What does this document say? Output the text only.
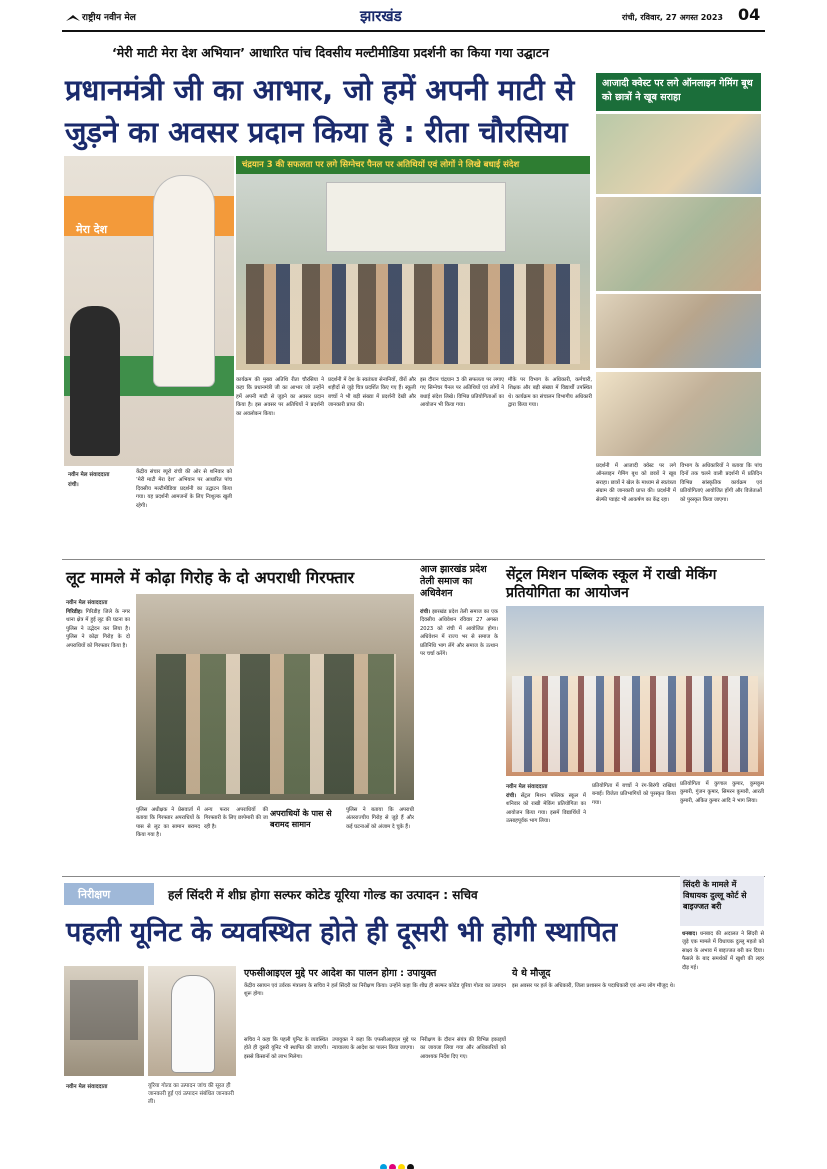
राष्ट्रीय नवीन मेल	झारखंड	रांची, रविवार, 27 अगस्त 2023 04
‘मेरी माटी मेरा देश अभियान’ आधारित पांच दिवसीय मल्टीमीडिया प्रदर्शनी का किया गया उद्घाटन
प्रधानमंत्री जी का आभार, जो हमें अपनी माटी से
जुड़ने का अवसर प्रदान किया है : रीता चौरसिया
मेरा देश
नवीन मेल संवाददाता
रांची।
चंद्रयान 3 की सफलता पर लगे सिग्नेचर पैनल पर अतिथियों एवं लोगों ने लिखे बधाई संदेश
आजादी क्वेस्ट पर लगे ऑनलाइन गेमिंग बूथ को छात्रों ने खूब सराहा
केंद्रीय संचार ब्यूरो रांची की ओर से शनिवार को ‘मेरी माटी मेरा देश’ अभियान पर आधारित पांच दिवसीय मल्टीमीडिया प्रदर्शनी का उद्घाटन किया गया। यह प्रदर्शनी आमजनों के लिए निःशुल्क खुली रहेगी।
कार्यक्रम की मुख्य अतिथि रीता चौरसिया ने कहा कि प्रधानमंत्री जी का आभार जो उन्होंने हमें अपनी माटी से जुड़ने का अवसर प्रदान किया है। इस अवसर पर अतिथियों ने प्रदर्शनी का अवलोकन किया।
प्रदर्शनी में देश के स्वतंत्रता सेनानियों, वीरों और शहीदों से जुड़े चित्र प्रदर्शित किए गए हैं। स्कूली बच्चों ने भी बड़ी संख्या में प्रदर्शनी देखी और जानकारी प्राप्त की।
इस दौरान चंद्रयान 3 की सफलता पर लगाए गए सिग्नेचर पैनल पर अतिथियों एवं लोगों ने बधाई संदेश लिखे। विभिन्न प्रतियोगिताओं का आयोजन भी किया गया।
मौके पर विभाग के अधिकारी, कर्मचारी, शिक्षक और बड़ी संख्या में विद्यार्थी उपस्थित थे। कार्यक्रम का संचालन विभागीय अधिकारी द्वारा किया गया।
प्रदर्शनी में आजादी क्वेस्ट पर लगे ऑनलाइन गेमिंग बूथ को छात्रों ने खूब सराहा। छात्रों ने खेल के माध्यम से स्वतंत्रता संग्राम की जानकारी प्राप्त की। प्रदर्शनी में सेल्फी प्वाइंट भी आकर्षण का केंद्र रहा।
विभाग के अधिकारियों ने बताया कि पांच दिनों तक चलने वाली प्रदर्शनी में प्रतिदिन विभिन्न सांस्कृतिक कार्यक्रम एवं प्रतियोगिताएं आयोजित होंगी और विजेताओं को पुरस्कृत किया जाएगा।
लूट मामले में कोढ़ा गिरोह के दो अपराधी गिरफ्तार
नवीन मेल संवाददाता
गिरिडीह। गिरिडीह जिले के नगर थाना क्षेत्र में हुई लूट की घटना का पुलिस ने उद्भेदन कर लिया है। पुलिस ने कोढ़ा गिरोह के दो अपराधियों को गिरफ्तार किया है।
पुलिस अधीक्षक ने प्रेसवार्ता में बताया कि गिरफ्तार अपराधियों के पास से लूट का सामान बरामद किया गया है।
अन्य फरार अपराधियों की गिरफ्तारी के लिए छापेमारी की जा रही है।
अपराधियों के पास से बरामद सामान
पुलिस ने बताया कि अपराधी अंतरराज्यीय गिरोह से जुड़े हैं और कई घटनाओं को अंजाम दे चुके हैं।
आज झारखंड प्रदेश तेली समाज का अधिवेशन
रांची। झारखंड प्रदेश तेली समाज का एक दिवसीय अधिवेशन रविवार 27 अगस्त 2023 को रांची में आयोजित होगा। अधिवेशन में राज्य भर से समाज के प्रतिनिधि भाग लेंगे और समाज के उत्थान पर चर्चा करेंगे।
सेंट्रल मिशन पब्लिक स्कूल में राखी मेकिंग प्रतियोगिता का आयोजन
नवीन मेल संवाददाता
रांची। सेंट्रल मिशन पब्लिक स्कूल में शनिवार को राखी मेकिंग प्रतियोगिता का आयोजन किया गया। इसमें विद्यार्थियों ने उत्साहपूर्वक भाग लिया।
प्रतियोगिता में बच्चों ने रंग-बिरंगी राखियां बनाईं। विजेता प्रतिभागियों को पुरस्कृत किया गया।
प्रतियोगिता में कुणाल कुमार, कुमकुम कुमारी, गुंजन कुमार, सिमरन कुमारी, आरती कुमारी, अंकित कुमार आदि ने भाग लिया।
निरीक्षण	हर्ल सिंदरी में शीघ्र होगा सल्फर कोटेड यूरिया गोल्ड का उत्पादन : सचिव
पहली यूनिट के व्यवस्थित होते ही दूसरी भी होगी स्थापित
नवीन मेल संवाददाता	यूरिया गोल्ड का उत्पादन जांच की सूरत ही जानकारी हुई एवं उत्पादन संबंधित जानकारी ली।
एफसीआइएल मुद्दे पर आदेश का पालन होगा : उपायुक्त
केंद्रीय रसायन एवं उर्वरक मंत्रालय के सचिव ने हर्ल सिंदरी का निरीक्षण किया। उन्होंने कहा कि शीघ्र ही सल्फर कोटेड यूरिया गोल्ड का उत्पादन शुरू होगा।
सचिव ने कहा कि पहली यूनिट के व्यवस्थित होते ही दूसरी यूनिट भी स्थापित की जाएगी। इससे किसानों को लाभ मिलेगा।
उपायुक्त ने कहा कि एफसीआइएल मुद्दे पर न्यायालय के आदेश का पालन किया जाएगा।
निरीक्षण के दौरान संयंत्र की विभिन्न इकाइयों का जायजा लिया गया और अधिकारियों को आवश्यक निर्देश दिए गए।
ये थे मौजूद
इस अवसर पर हर्ल के अधिकारी, जिला प्रशासन के पदाधिकारी एवं अन्य लोग मौजूद थे।
सिंदरी के मामले में विधायक दुल्लू कोर्ट से बाइज्जत बरी
धनबाद। धनबाद की अदालत ने सिंदरी से जुड़े एक मामले में विधायक दुल्लू महतो को साक्ष्य के अभाव में बाइज्जत बरी कर दिया। फैसले के बाद समर्थकों में खुशी की लहर दौड़ गई।
